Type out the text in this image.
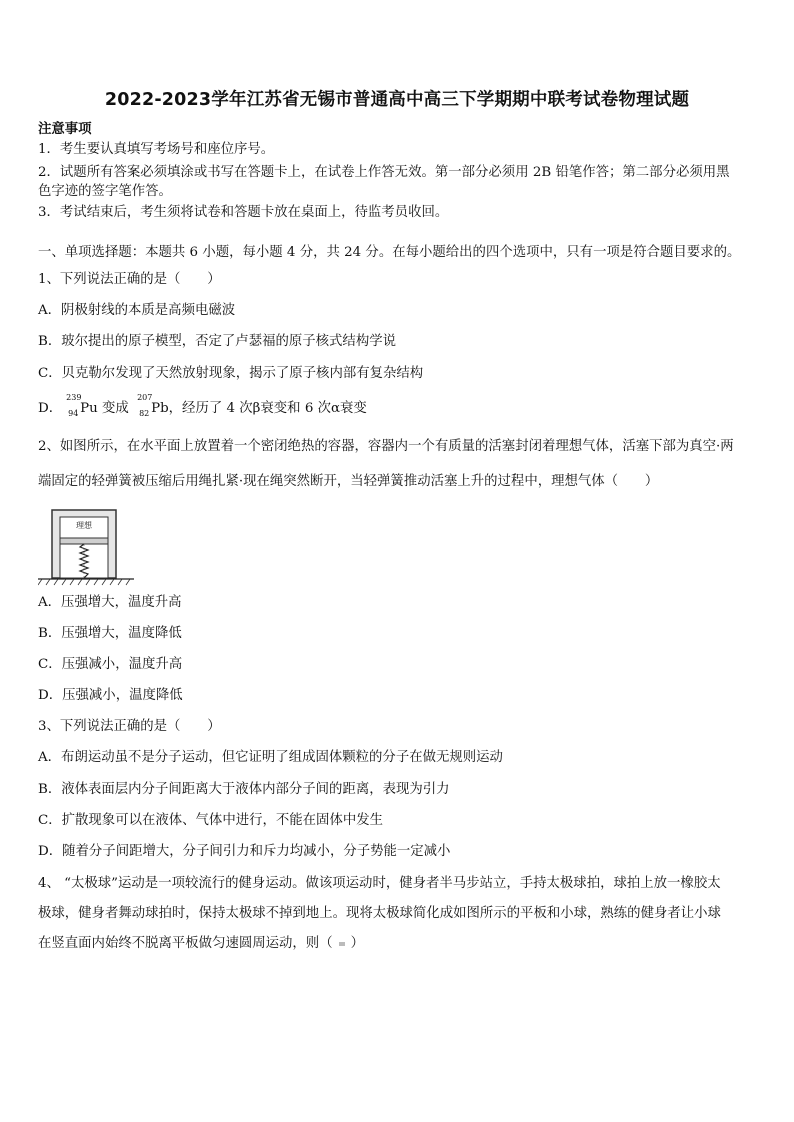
2022-2023学年江苏省无锡市普通高中高三下学期期中联考试卷物理试题
注意事项
1．考生要认真填写考场号和座位序号。
2．试题所有答案必须填涂或书写在答题卡上，在试卷上作答无效。第一部分必须用 2B 铅笔作答；第二部分必须用黑
色字迹的签字笔作答。
3．考试结束后，考生须将试卷和答题卡放在桌面上，待监考员收回。
一、单项选择题：本题共 6 小题，每小题 4 分，共 24 分。在每小题给出的四个选项中，只有一项是符合题目要求的。
1、下列说法正确的是（　　）
A．阴极射线的本质是高频电磁波
B．玻尔提出的原子模型，否定了卢瑟福的原子核式结构学说
C．贝克勒尔发现了天然放射现象，揭示了原子核内部有复杂结构
D．
239
94 Pu 变成
207
82 Pb，经历了 4 次β衰变和 6 次α衰变
2、如图所示，在水平面上放置着一个密闭绝热的容器，容器内一个有质量的活塞封闭着理想气体，活塞下部为真空·两
端固定的轻弹簧被压缩后用绳扎紧·现在绳突然断开，当轻弹簧推动活塞上升的过程中，理想气体（　　）
理想
A．压强增大，温度升高
B．压强增大，温度降低
C．压强减小，温度升高
D．压强减小，温度降低
3、下列说法正确的是（　　）
A．布朗运动虽不是分子运动，但它证明了组成固体颗粒的分子在做无规则运动
B．液体表面层内分子间距离大于液体内部分子间的距离，表现为引力
C．扩散现象可以在液体、气体中进行，不能在固体中发生
D．随着分子间距增大，分子间引力和斥力均减小，分子势能一定减小
4、 “太极球”运动是一项较流行的健身运动。做该项运动时，健身者半马步站立，手持太极球拍，球拍上放一橡胶太
极球，健身者舞动球拍时，保持太极球不掉到地上。现将太极球简化成如图所示的平板和小球，熟练的健身者让小球
在竖直面内始终不脱离平板做匀速圆周运动，则（ ）
